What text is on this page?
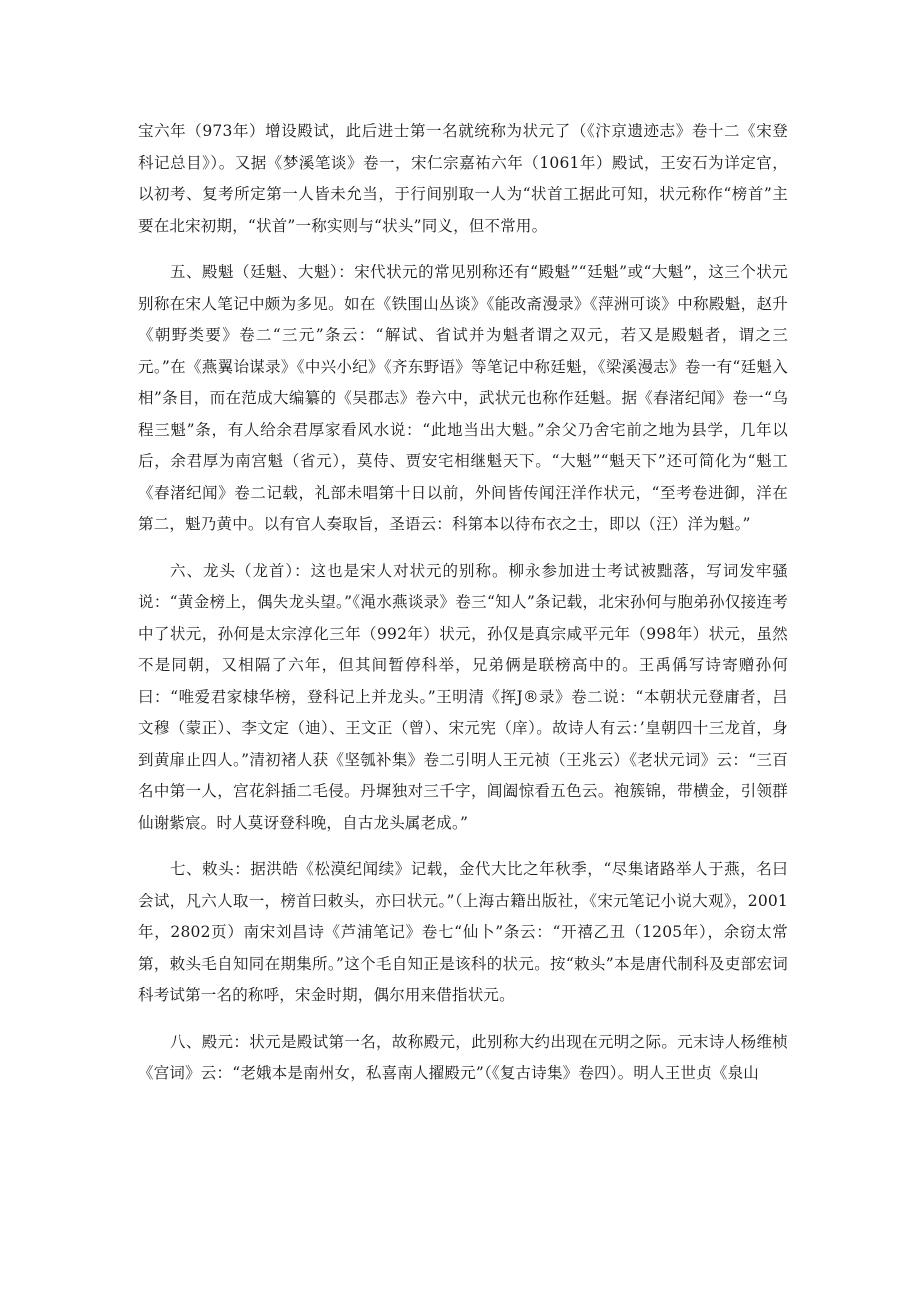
宝六年（973年）增设殿试，此后进士第一名就统称为状元了（《汴京遗迹志》卷十二《宋登科记总目》）。又据《梦溪笔谈》卷一，宋仁宗嘉祐六年（1061年）殿试，王安石为详定官，以初考、复考所定第一人皆未允当，于行间别取一人为“状首工据此可知，状元称作“榜首”主要在北宋初期，“状首”一称实则与“状头”同义，但不常用。

五、殿魁（廷魁、大魁）：宋代状元的常见别称还有“殿魁”“廷魁”或“大魁”，这三个状元别称在宋人笔记中颇为多见。如在《铁围山丛谈》《能改斋漫录》《萍洲可谈》中称殿魁，赵升《朝野类要》卷二“三元”条云：“解试、省试并为魁者谓之双元，若又是殿魁者，谓之三元。”在《燕翼诒谋录》《中兴小纪》《齐东野语》等笔记中称廷魁，《梁溪漫志》卷一有“廷魁入相”条目，而在范成大编纂的《吴郡志》卷六中，武状元也称作廷魁。据《春渚纪闻》卷一“乌程三魁”条，有人给余君厚家看风水说：“此地当出大魁。”余父乃舍宅前之地为县学，几年以后，余君厚为南宫魁（省元），莫侍、贾安宅相继魁天下。“大魁”“魁天下”还可简化为“魁工《春渚纪闻》卷二记载，礼部未唱第十日以前，外间皆传闻汪洋作状元，“至考卷进御，洋在第二，魁乃黄中。以有官人奏取旨，圣语云：科第本以待布衣之士，即以（汪）洋为魁。”

六、龙头（龙首）：这也是宋人对状元的别称。柳永参加进士考试被黜落，写词发牢骚说：“黄金榜上，偶失龙头望。”《渑水燕谈录》卷三“知人”条记载，北宋孙何与胞弟孙仅接连考中了状元，孙何是太宗淳化三年（992年）状元，孙仅是真宗咸平元年（998年）状元，虽然不是同朝，又相隔了六年，但其间暂停科举，兄弟俩是联榜高中的。王禹偁写诗寄赠孙何曰：“唯爱君家棣华榜，登科记上并龙头。”王明清《挥J®录》卷二说：“本朝状元登庸者，吕文穆（蒙正）、李文定（迪）、王文正（曾）、宋元宪（庠）。故诗人有云：’皇朝四十三龙首，身到黄扉止四人。”清初褚人获《坚瓠补集》卷二引明人王元祯（王兆云）《老状元词》云：“三百名中第一人，宫花斜插二毛侵。丹墀独对三千字，阊阖惊看五色云。袍簇锦，带横金，引领群仙谢紫宸。时人莫讶登科晚，自古龙头属老成。”

七、敕头：据洪皓《松漠纪闻续》记载，金代大比之年秋季，“尽集诸路举人于燕，名曰会试，凡六人取一，榜首曰敕头，亦曰状元。”（上海古籍出版社，《宋元笔记小说大观》，2001年，2802页）南宋刘昌诗《芦浦笔记》卷七“仙卜”条云：“开禧乙丑（1205年），余窃太常第，敕头毛自知同在期集所。”这个毛自知正是该科的状元。按“敕头”本是唐代制科及吏部宏词科考试第一名的称呼，宋金时期，偶尔用来借指状元。

八、殿元：状元是殿试第一名，故称殿元，此别称大约出现在元明之际。元末诗人杨维桢《宫词》云：“老娥本是南州女，私喜南人擢殿元”（《复古诗集》卷四）。明人王世贞《泉山
